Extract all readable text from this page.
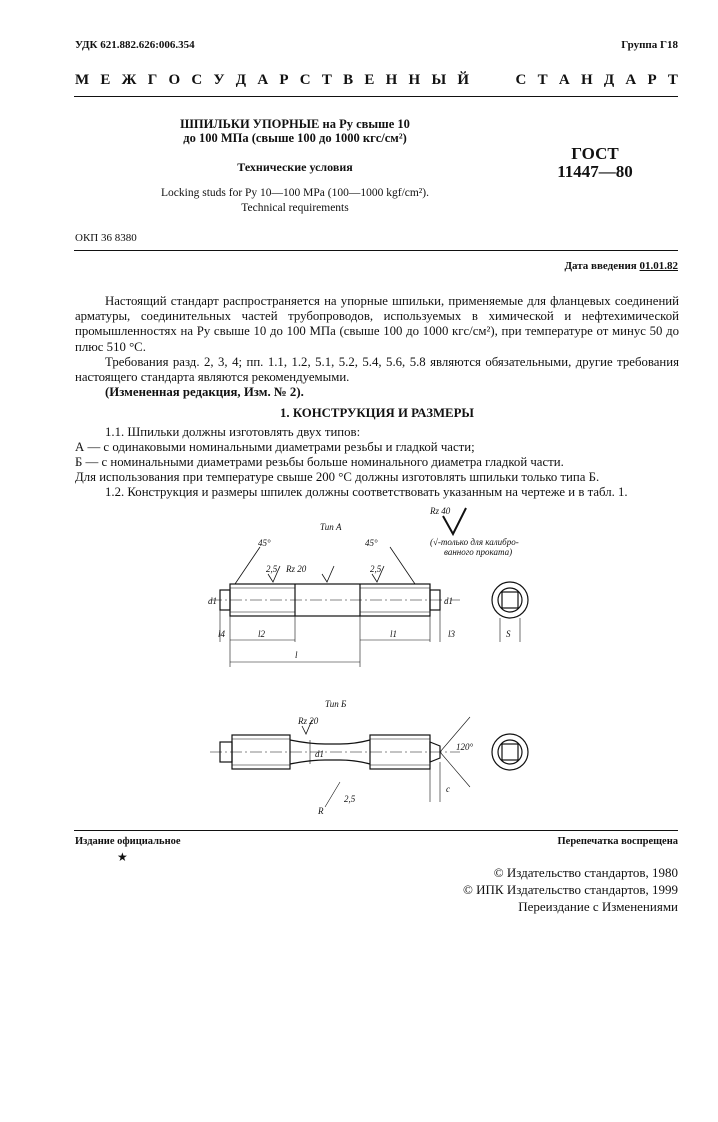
УДК 621.882.626:006.354	Группа Г18
М Е Ж Г О С У Д А Р С Т В Е Н Н Ы Й	С Т А Н Д А Р Т
ШПИЛЬКИ УПОРНЫЕ на Pу свыше 10
до 100 МПа (свыше 100 до 1000 кгс/см²)
Технические условия
ГОСТ
11447—80
Locking studs for Py 10—100 MPa (100—1000 kgf/cm²).
Technical requirements
ОКП 36 8380
Дата введения 01.01.82

Настоящий стандарт распространяется на упорные шпильки, применяемые для фланцевых соединений арматуры, соединительных частей трубопроводов, используемых в химической и нефтехимической промышленностях на Pу свыше 10 до 100 МПа (свыше 100 до 1000 кгс/см²), при температуре от минус 50 до плюс 510 °С.

Требования разд. 2, 3, 4; пп. 1.1, 1.2, 5.1, 5.2, 5.4, 5.6, 5.8 являются обязательными, другие требования настоящего стандарта являются рекомендуемыми.

(Измененная редакция, Изм. № 2).

1. КОНСТРУКЦИЯ И РАЗМЕРЫ

1.1. Шпильки должны изготовлять двух типов:

А — с одинаковыми номинальными диаметрами резьбы и гладкой части;

Б — с номинальными диаметрами резьбы больше номинального диаметра гладкой части.

Для использования при температуре свыше 200 °С должны изготовлять шпильки только типа Б.

1.2. Конструкция и размеры шпилек должны соответствовать указанным на чертеже и в табл. 1.

Тип А
45°	45°
Rz 40
(√-только для калибро-
ванного проката)
Rz 20
2,5	2,5
d1	d1
l4	l2
l
l1	l3	S
Тип Б
Rz 20
d1
120°
R
2,5
c
Издание официальное
★
Перепечатка воспрещена
© Издательство стандартов, 1980
© ИПК Издательство стандартов, 1999
Переиздание с Изменениями
